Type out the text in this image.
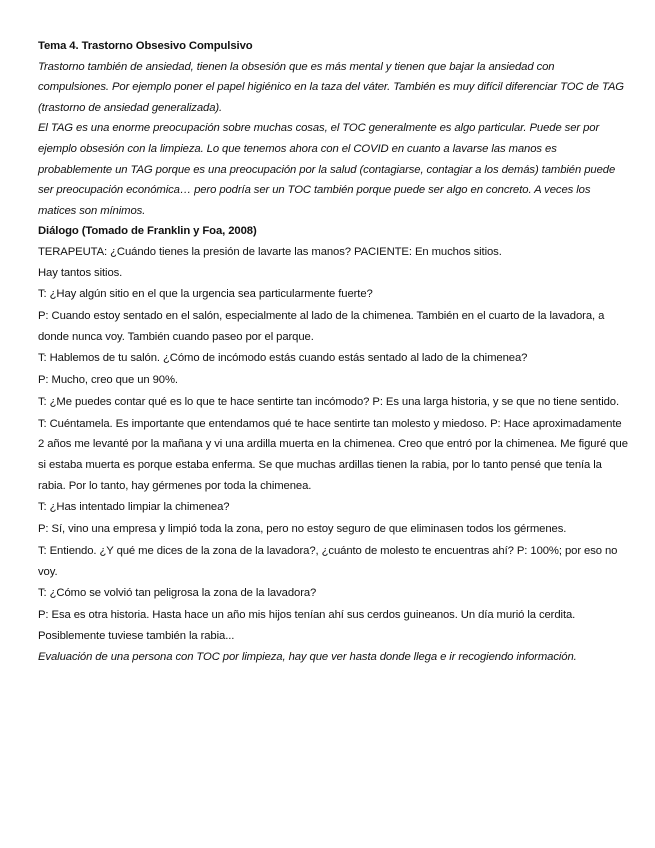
Tema 4. Trastorno Obsesivo Compulsivo

Trastorno también de ansiedad, tienen la obsesión que es más mental y tienen que bajar la ansiedad con compulsiones. Por ejemplo poner el papel higiénico en la taza del váter. También es muy difícil diferenciar TOC de TAG (trastorno de ansiedad generalizada).

El TAG es una enorme preocupación sobre muchas cosas, el TOC generalmente es algo particular. Puede ser por ejemplo obsesión con la limpieza. Lo que tenemos ahora con el COVID en cuanto a lavarse las manos es probablemente un TAG porque es una preocupación por la salud (contagiarse, contagiar a los demás) también puede ser preocupación económica… pero podría ser un TOC también porque puede ser algo en concreto. A veces los matices son mínimos.

Diálogo (Tomado de Franklin y Foa, 2008)

TERAPEUTA: ¿Cuándo tienes la presión de lavarte las manos? PACIENTE: En muchos sitios. Hay tantos sitios.

T: ¿Hay algún sitio en el que la urgencia sea particularmente fuerte?

P: Cuando estoy sentado en el salón, especialmente al lado de la chimenea. También en el cuarto de la lavadora, a donde nunca voy. También cuando paseo por el parque.

T: Hablemos de tu salón. ¿Cómo de incómodo estás cuando estás sentado al lado de la chimenea?

P: Mucho, creo que un 90%.

T: ¿Me puedes contar qué es lo que te hace sentirte tan incómodo? P: Es una larga historia, y se que no tiene sentido.

T: Cuéntamela. Es importante que entendamos qué te hace sentirte tan molesto y miedoso. P: Hace aproximadamente 2 años me levanté por la mañana y vi una ardilla muerta en la chimenea. Creo que entró por la chimenea. Me figuré que si estaba muerta es porque estaba enferma. Se que muchas ardillas tienen la rabia, por lo tanto pensé que tenía la rabia. Por lo tanto, hay gérmenes por toda la chimenea.

T: ¿Has intentado limpiar la chimenea?

P: Sí, vino una empresa y limpió toda la zona, pero no estoy seguro de que eliminasen todos los gérmenes.

T: Entiendo. ¿Y qué me dices de la zona de la lavadora?, ¿cuánto de molesto te encuentras ahí? P: 100%; por eso no voy.

T: ¿Cómo se volvió tan peligrosa la zona de la lavadora?

P: Esa es otra historia. Hasta hace un año mis hijos tenían ahí sus cerdos guineanos. Un día murió la cerdita. Posiblemente tuviese también la rabia...

Evaluación de una persona con TOC por limpieza, hay que ver hasta donde llega e ir recogiendo información.
